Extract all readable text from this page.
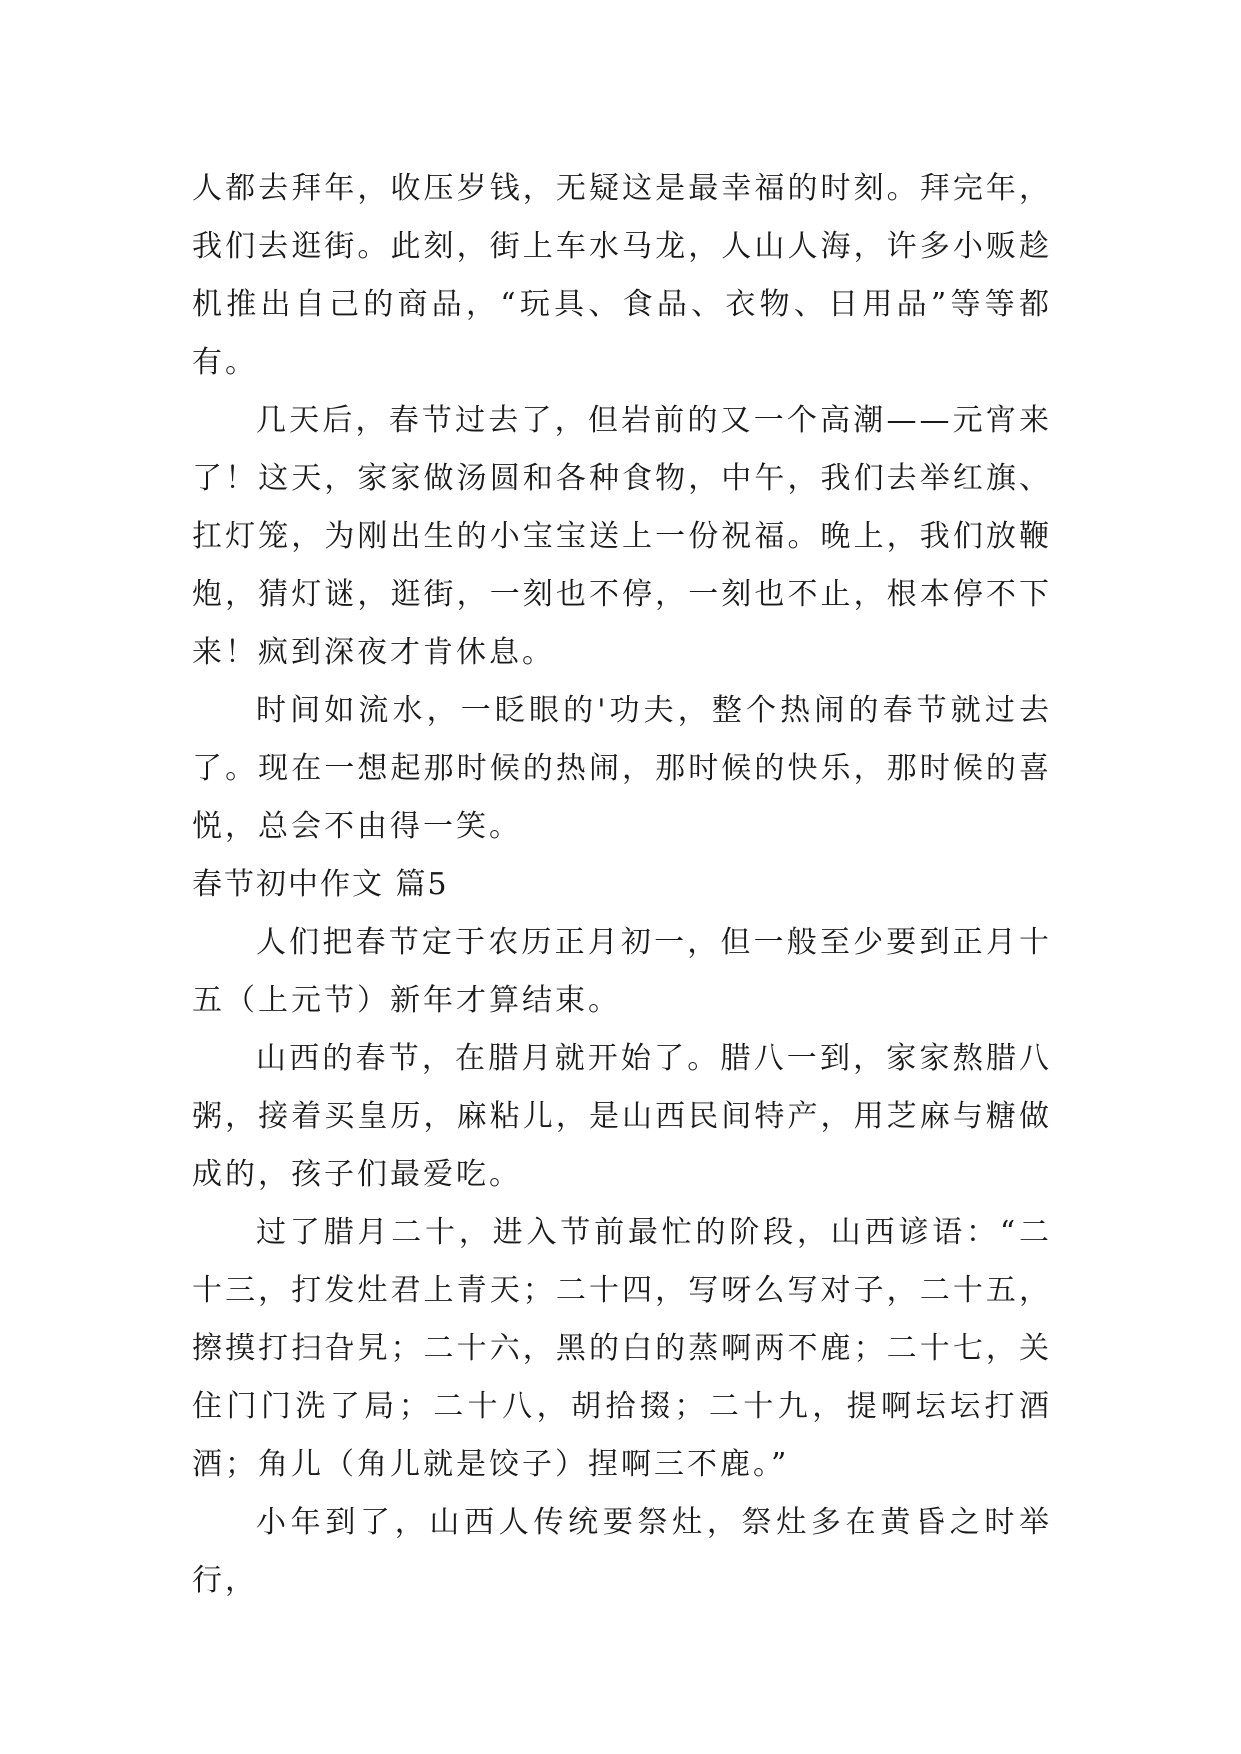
人都去拜年，收压岁钱，无疑这是最幸福的时刻。拜完年，我们去逛街。此刻，街上车水马龙，人山人海，许多小贩趁机推出自己的商品，“玩具、食品、衣物、日用品”等等都有。

几天后，春节过去了，但岩前的又一个高潮——元宵来了！这天，家家做汤圆和各种食物，中午，我们去举红旗、扛灯笼，为刚出生的小宝宝送上一份祝福。晚上，我们放鞭炮，猜灯谜，逛街，一刻也不停，一刻也不止，根本停不下来！疯到深夜才肯休息。

时间如流水，一眨眼的'功夫，整个热闹的春节就过去了。现在一想起那时候的热闹，那时候的快乐，那时候的喜悦，总会不由得一笑。

春节初中作文 篇5

人们把春节定于农历正月初一，但一般至少要到正月十五（上元节）新年才算结束。

山西的春节，在腊月就开始了。腊八一到，家家熬腊八粥，接着买皇历，麻粘儿，是山西民间特产，用芝麻与糖做成的，孩子们最爱吃。

过了腊月二十，进入节前最忙的阶段，山西谚语：“二十三，打发灶君上青天；二十四，写呀么写对子，二十五，擦摸打扫旮旯；二十六，黑的白的蒸啊两不鹿；二十七，关住门门洗了局；二十八，胡拾掇；二十九，提啊坛坛打酒酒；角儿（角儿就是饺子）捏啊三不鹿。”

小年到了，山西人传统要祭灶，祭灶多在黄昏之时举行，
